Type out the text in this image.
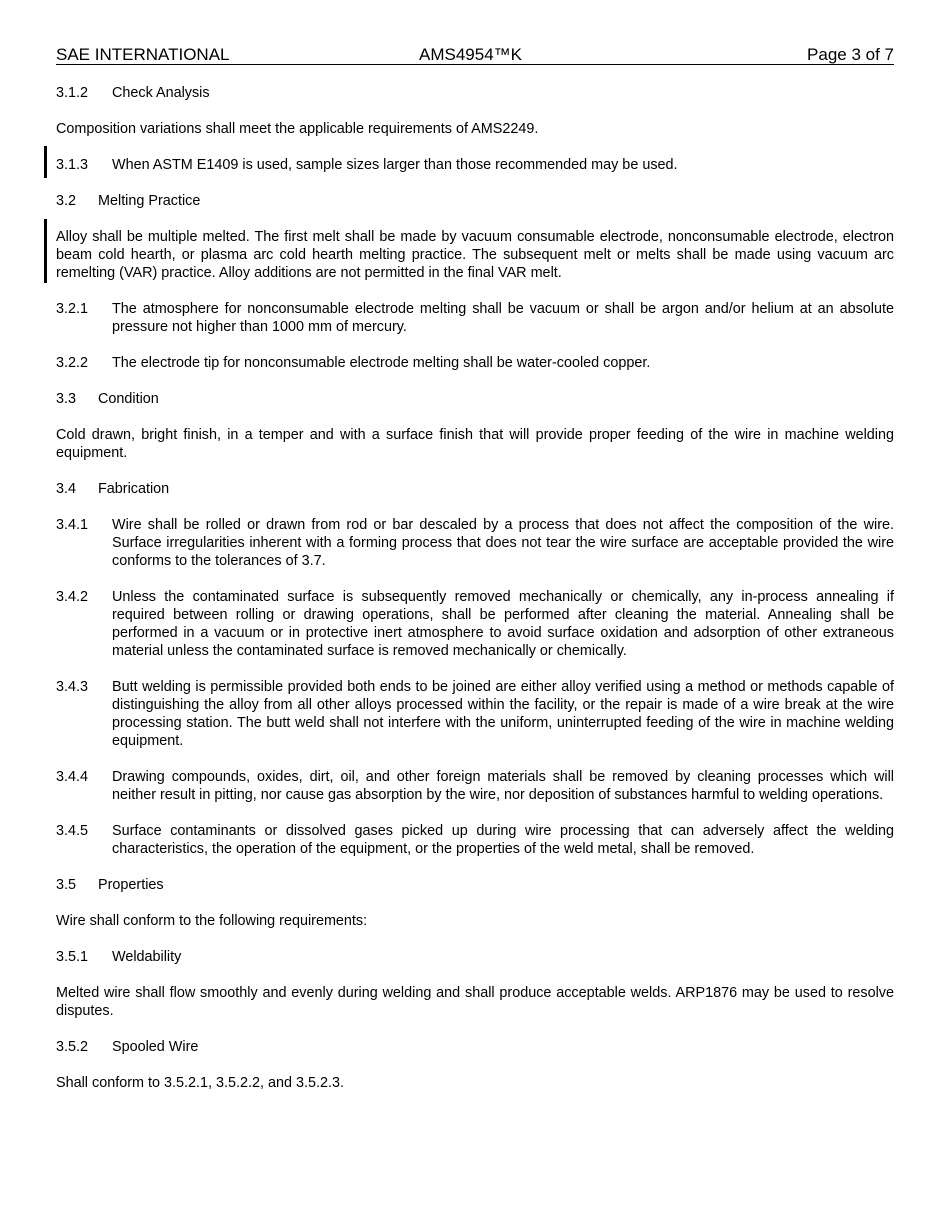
SAE INTERNATIONAL	AMS4954™K	Page 3 of 7
3.1.2 Check Analysis
Composition variations shall meet the applicable requirements of AMS2249.
3.1.3	When ASTM E1409 is used, sample sizes larger than those recommended may be used.
3.2 Melting Practice
Alloy shall be multiple melted. The first melt shall be made by vacuum consumable electrode, nonconsumable electrode, electron beam cold hearth, or plasma arc cold hearth melting practice. The subsequent melt or melts shall be made using vacuum arc remelting (VAR) practice. Alloy additions are not permitted in the final VAR melt.
3.2.1	The atmosphere for nonconsumable electrode melting shall be vacuum or shall be argon and/or helium at an absolute pressure not higher than 1000 mm of mercury.
3.2.2	The electrode tip for nonconsumable electrode melting shall be water-cooled copper.
3.3 Condition
Cold drawn, bright finish, in a temper and with a surface finish that will provide proper feeding of the wire in machine welding equipment.
3.4 Fabrication
3.4.1	Wire shall be rolled or drawn from rod or bar descaled by a process that does not affect the composition of the wire. Surface irregularities inherent with a forming process that does not tear the wire surface are acceptable provided the wire conforms to the tolerances of 3.7.
3.4.2	Unless the contaminated surface is subsequently removed mechanically or chemically, any in-process annealing if required between rolling or drawing operations, shall be performed after cleaning the material. Annealing shall be performed in a vacuum or in protective inert atmosphere to avoid surface oxidation and adsorption of other extraneous material unless the contaminated surface is removed mechanically or chemically.
3.4.3	Butt welding is permissible provided both ends to be joined are either alloy verified using a method or methods capable of distinguishing the alloy from all other alloys processed within the facility, or the repair is made of a wire break at the wire processing station. The butt weld shall not interfere with the uniform, uninterrupted feeding of the wire in machine welding equipment.
3.4.4	Drawing compounds, oxides, dirt, oil, and other foreign materials shall be removed by cleaning processes which will neither result in pitting, nor cause gas absorption by the wire, nor deposition of substances harmful to welding operations.
3.4.5	Surface contaminants or dissolved gases picked up during wire processing that can adversely affect the welding characteristics, the operation of the equipment, or the properties of the weld metal, shall be removed.
3.5 Properties
Wire shall conform to the following requirements:
3.5.1 Weldability
Melted wire shall flow smoothly and evenly during welding and shall produce acceptable welds. ARP1876 may be used to resolve disputes.
3.5.2 Spooled Wire
Shall conform to 3.5.2.1, 3.5.2.2, and 3.5.2.3.
